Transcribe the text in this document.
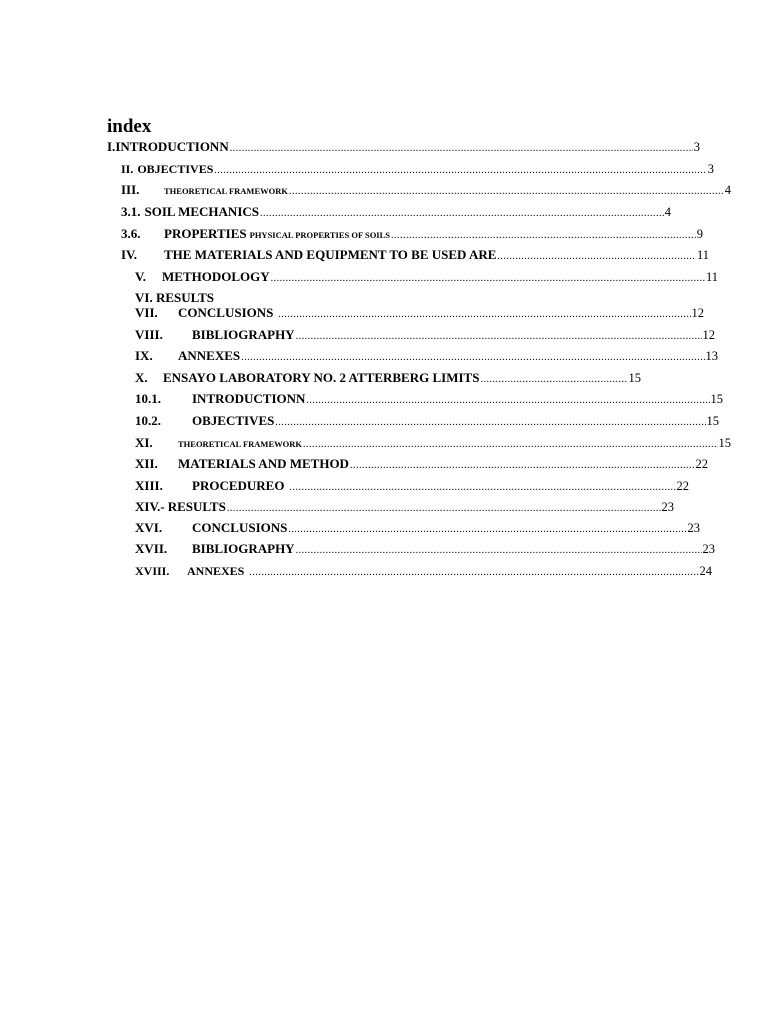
index
I. INTRODUCTIONN .....	3
II. OBJECTIVES .....	3
III.	THEORETICAL FRAMEWORK .....	4
3.1. SOIL MECHANICS .....	4
3.6.	PROPERTIES PHYSICAL PROPERTIES OF SOILS .....	9
IV.	THE MATERIALS AND EQUIPMENT TO BE USED ARE .....	11
V.	METHODOLOGY .....	11
VI. RESULTS
VII.	CONCLUSIONS .....	12
VIII.	BIBLIOGRAPHY .....	12
IX.	ANNEXES .....	13
X.	ENSAYO LABORATORY NO. 2 ATTERBERG LIMITS .....	15
10.1.	INTRODUCTIONN .....	15
10.2.	OBJECTIVES .....	15
XI.	THEORETICAL FRAMEWORK .....	15
XII.	MATERIALS AND METHOD .....	22
XIII.	PROCEDUREO .....	22
XIV.- RESULTS .....	23
XVI.	CONCLUSIONS .....	23
XVII.	BIBLIOGRAPHY .....	23
XVIII.	ANNEXES .....	24
